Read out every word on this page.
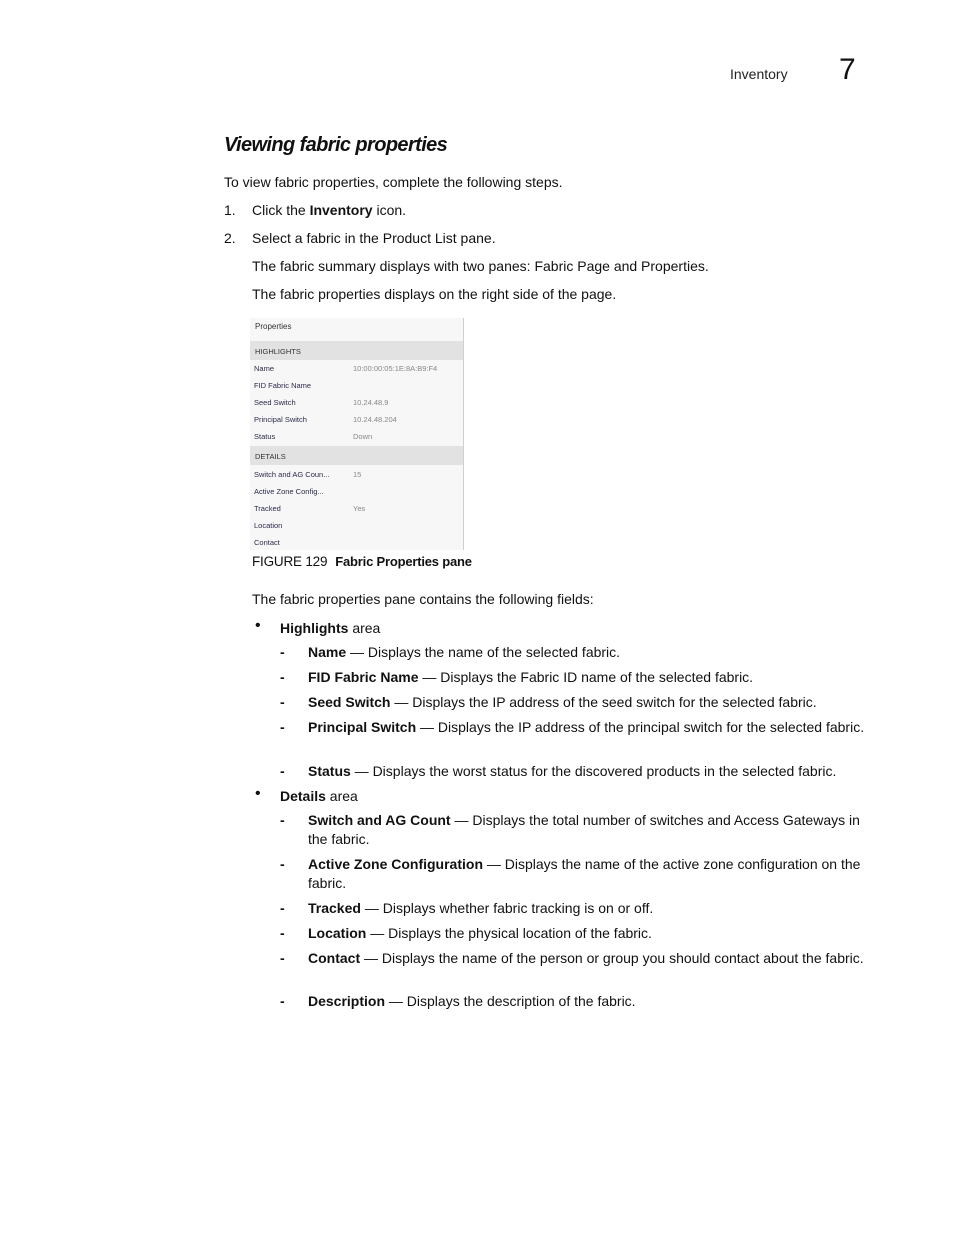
Inventory 7
Viewing fabric properties
To view fabric properties, complete the following steps.
1. Click the Inventory icon.
2. Select a fabric in the Product List pane.
The fabric summary displays with two panes: Fabric Page and Properties.
The fabric properties displays on the right side of the page.
Properties
HIGHLIGHTS
Name	10:00:00:05:1E:8A:B9:F4
FID Fabric Name
Seed Switch	10.24.48.9
Principal Switch	10.24.48.204
Status	Down
DETAILS
Switch and AG Coun...	15
Active Zone Config...
Tracked	Yes
Location
Contact
FIGURE 129 Fabric Properties pane
The fabric properties pane contains the following fields:
• Highlights area
- Name — Displays the name of the selected fabric.
- FID Fabric Name — Displays the Fabric ID name of the selected fabric.
- Seed Switch — Displays the IP address of the seed switch for the selected fabric.
- Principal Switch — Displays the IP address of the principal switch for the selected fabric.
- Status — Displays the worst status for the discovered products in the selected fabric.
• Details area
- Switch and AG Count — Displays the total number of switches and Access Gateways in the fabric.
- Active Zone Configuration — Displays the name of the active zone configuration on the fabric.
- Tracked — Displays whether fabric tracking is on or off.
- Location — Displays the physical location of the fabric.
- Contact — Displays the name of the person or group you should contact about the fabric.
- Description — Displays the description of the fabric.
